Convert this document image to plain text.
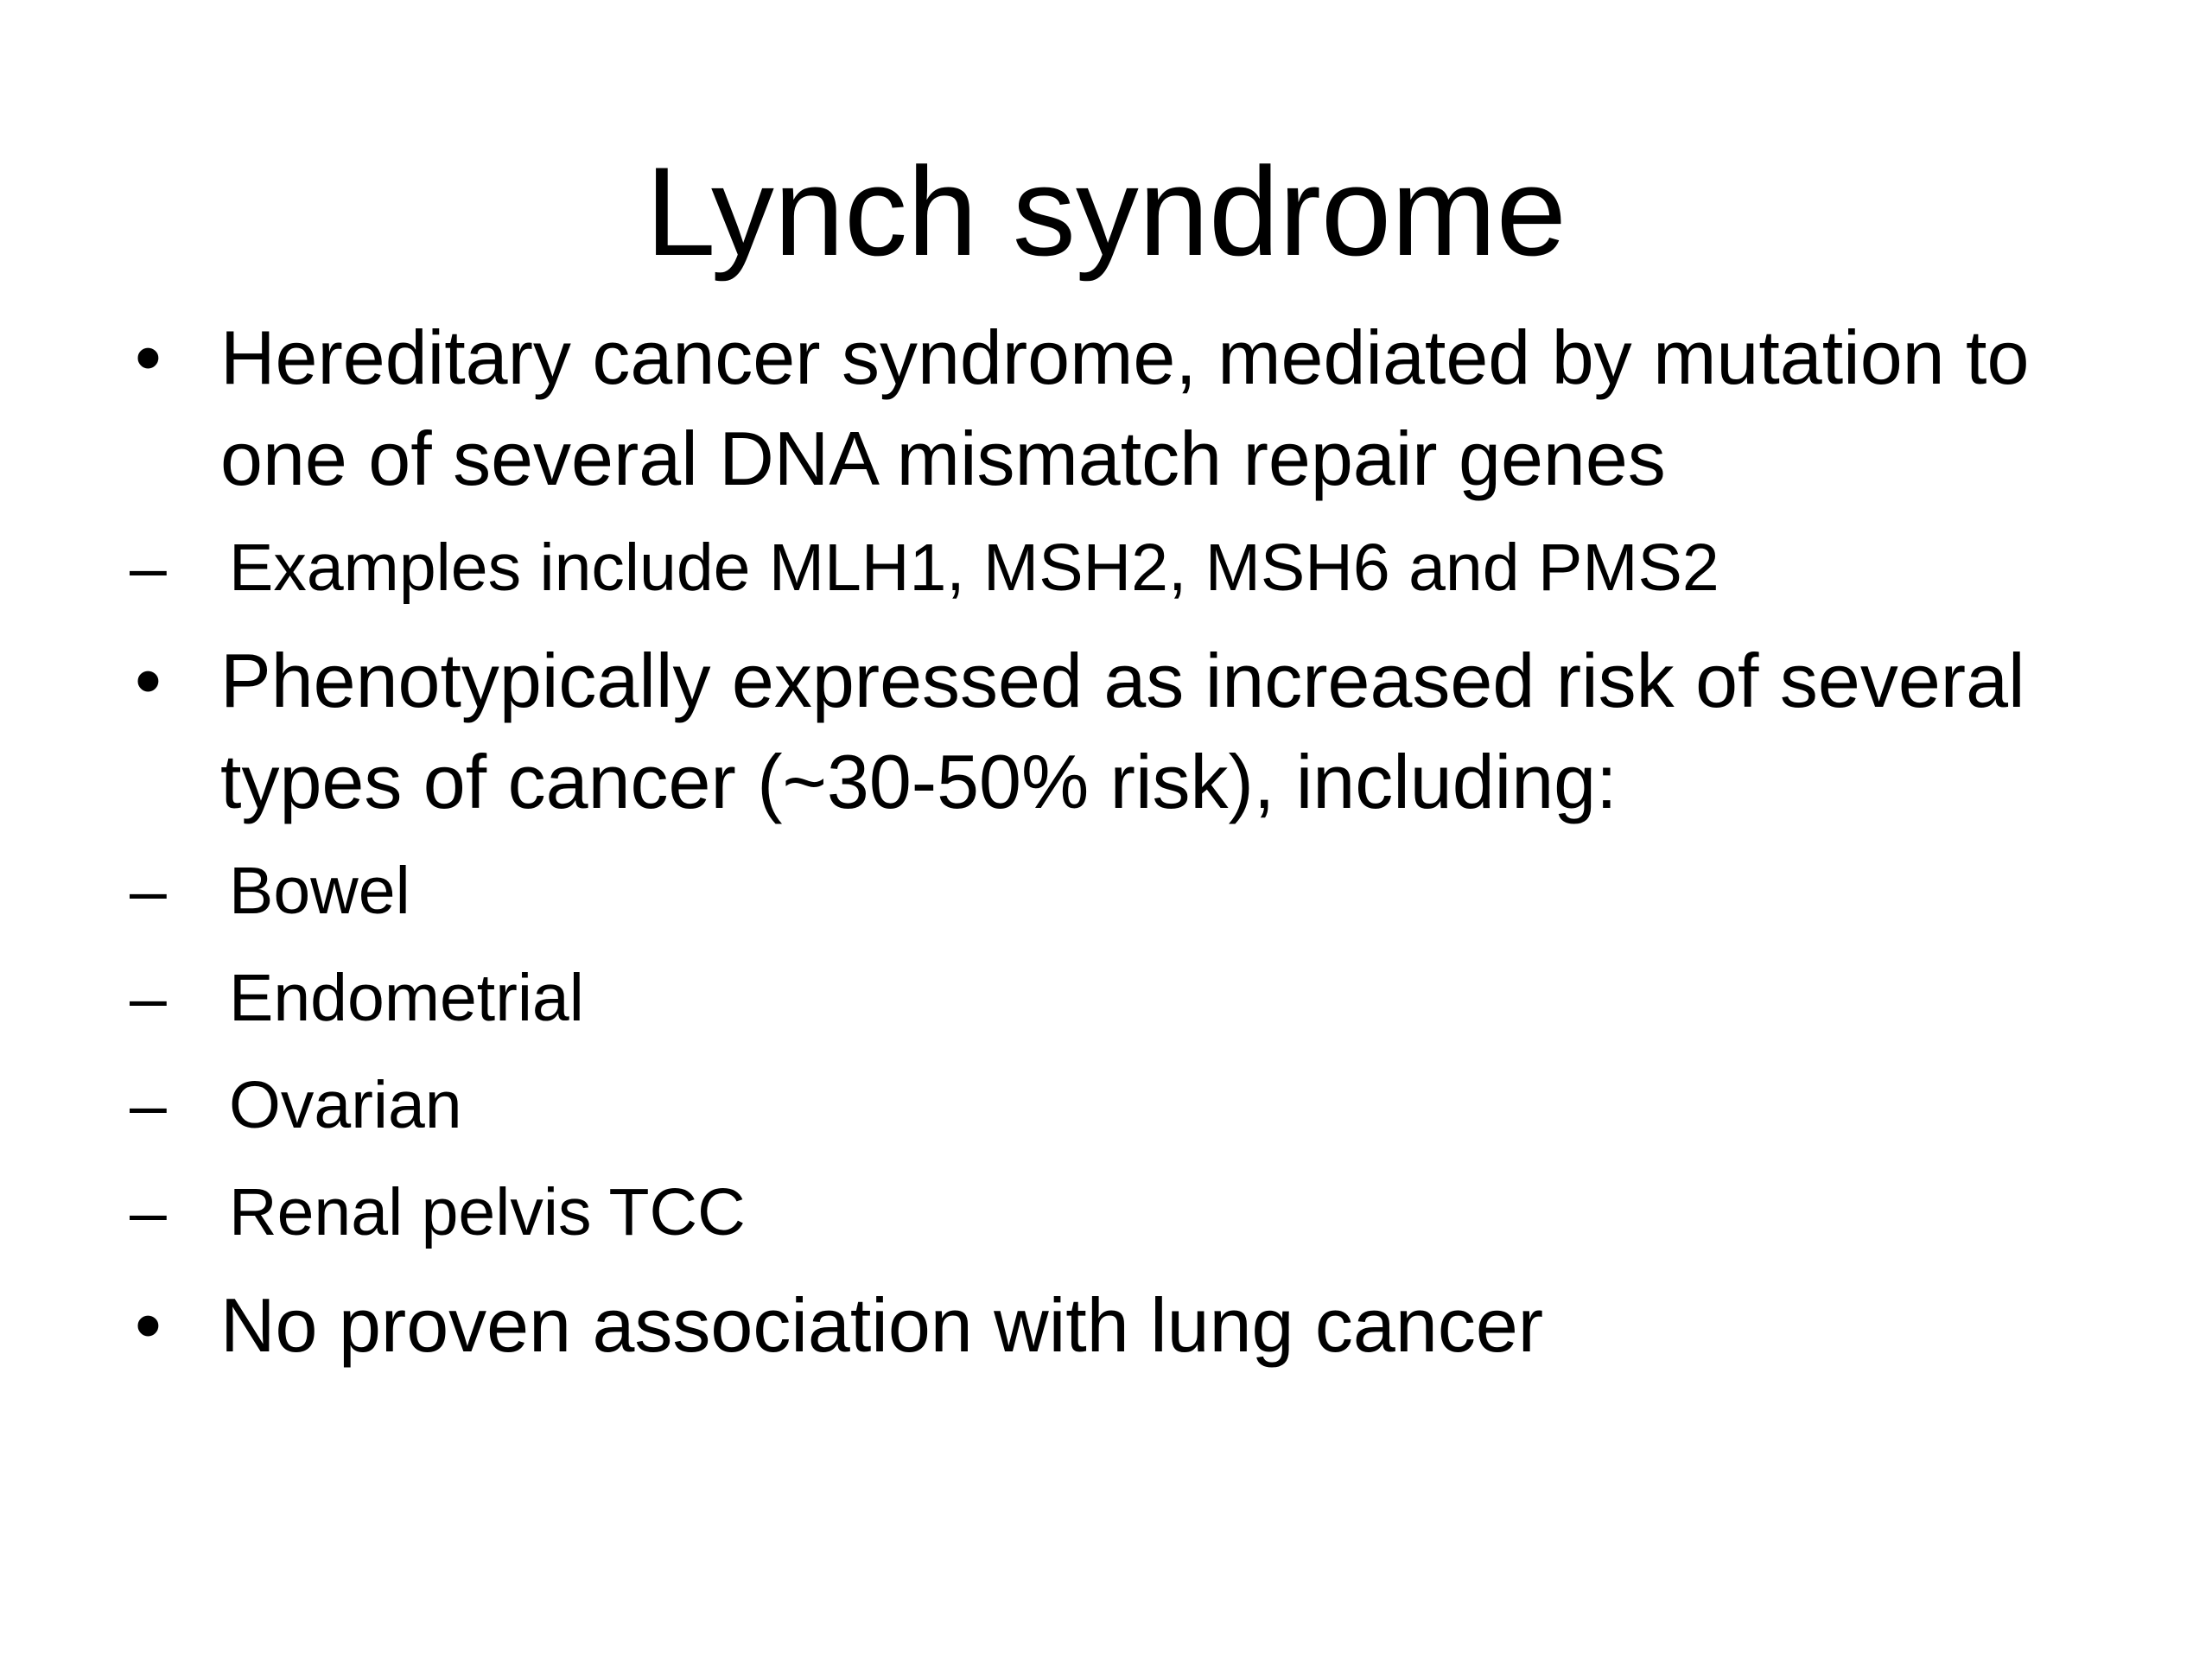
Lynch syndrome
• Hereditary cancer syndrome, mediated by mutation to one of several DNA mismatch repair genes
– Examples include MLH1, MSH2, MSH6 and PMS2
• Phenotypically expressed as increased risk of several types of cancer (~30-50% risk), including:
– Bowel
– Endometrial
– Ovarian
– Renal pelvis TCC
• No proven association with lung cancer
